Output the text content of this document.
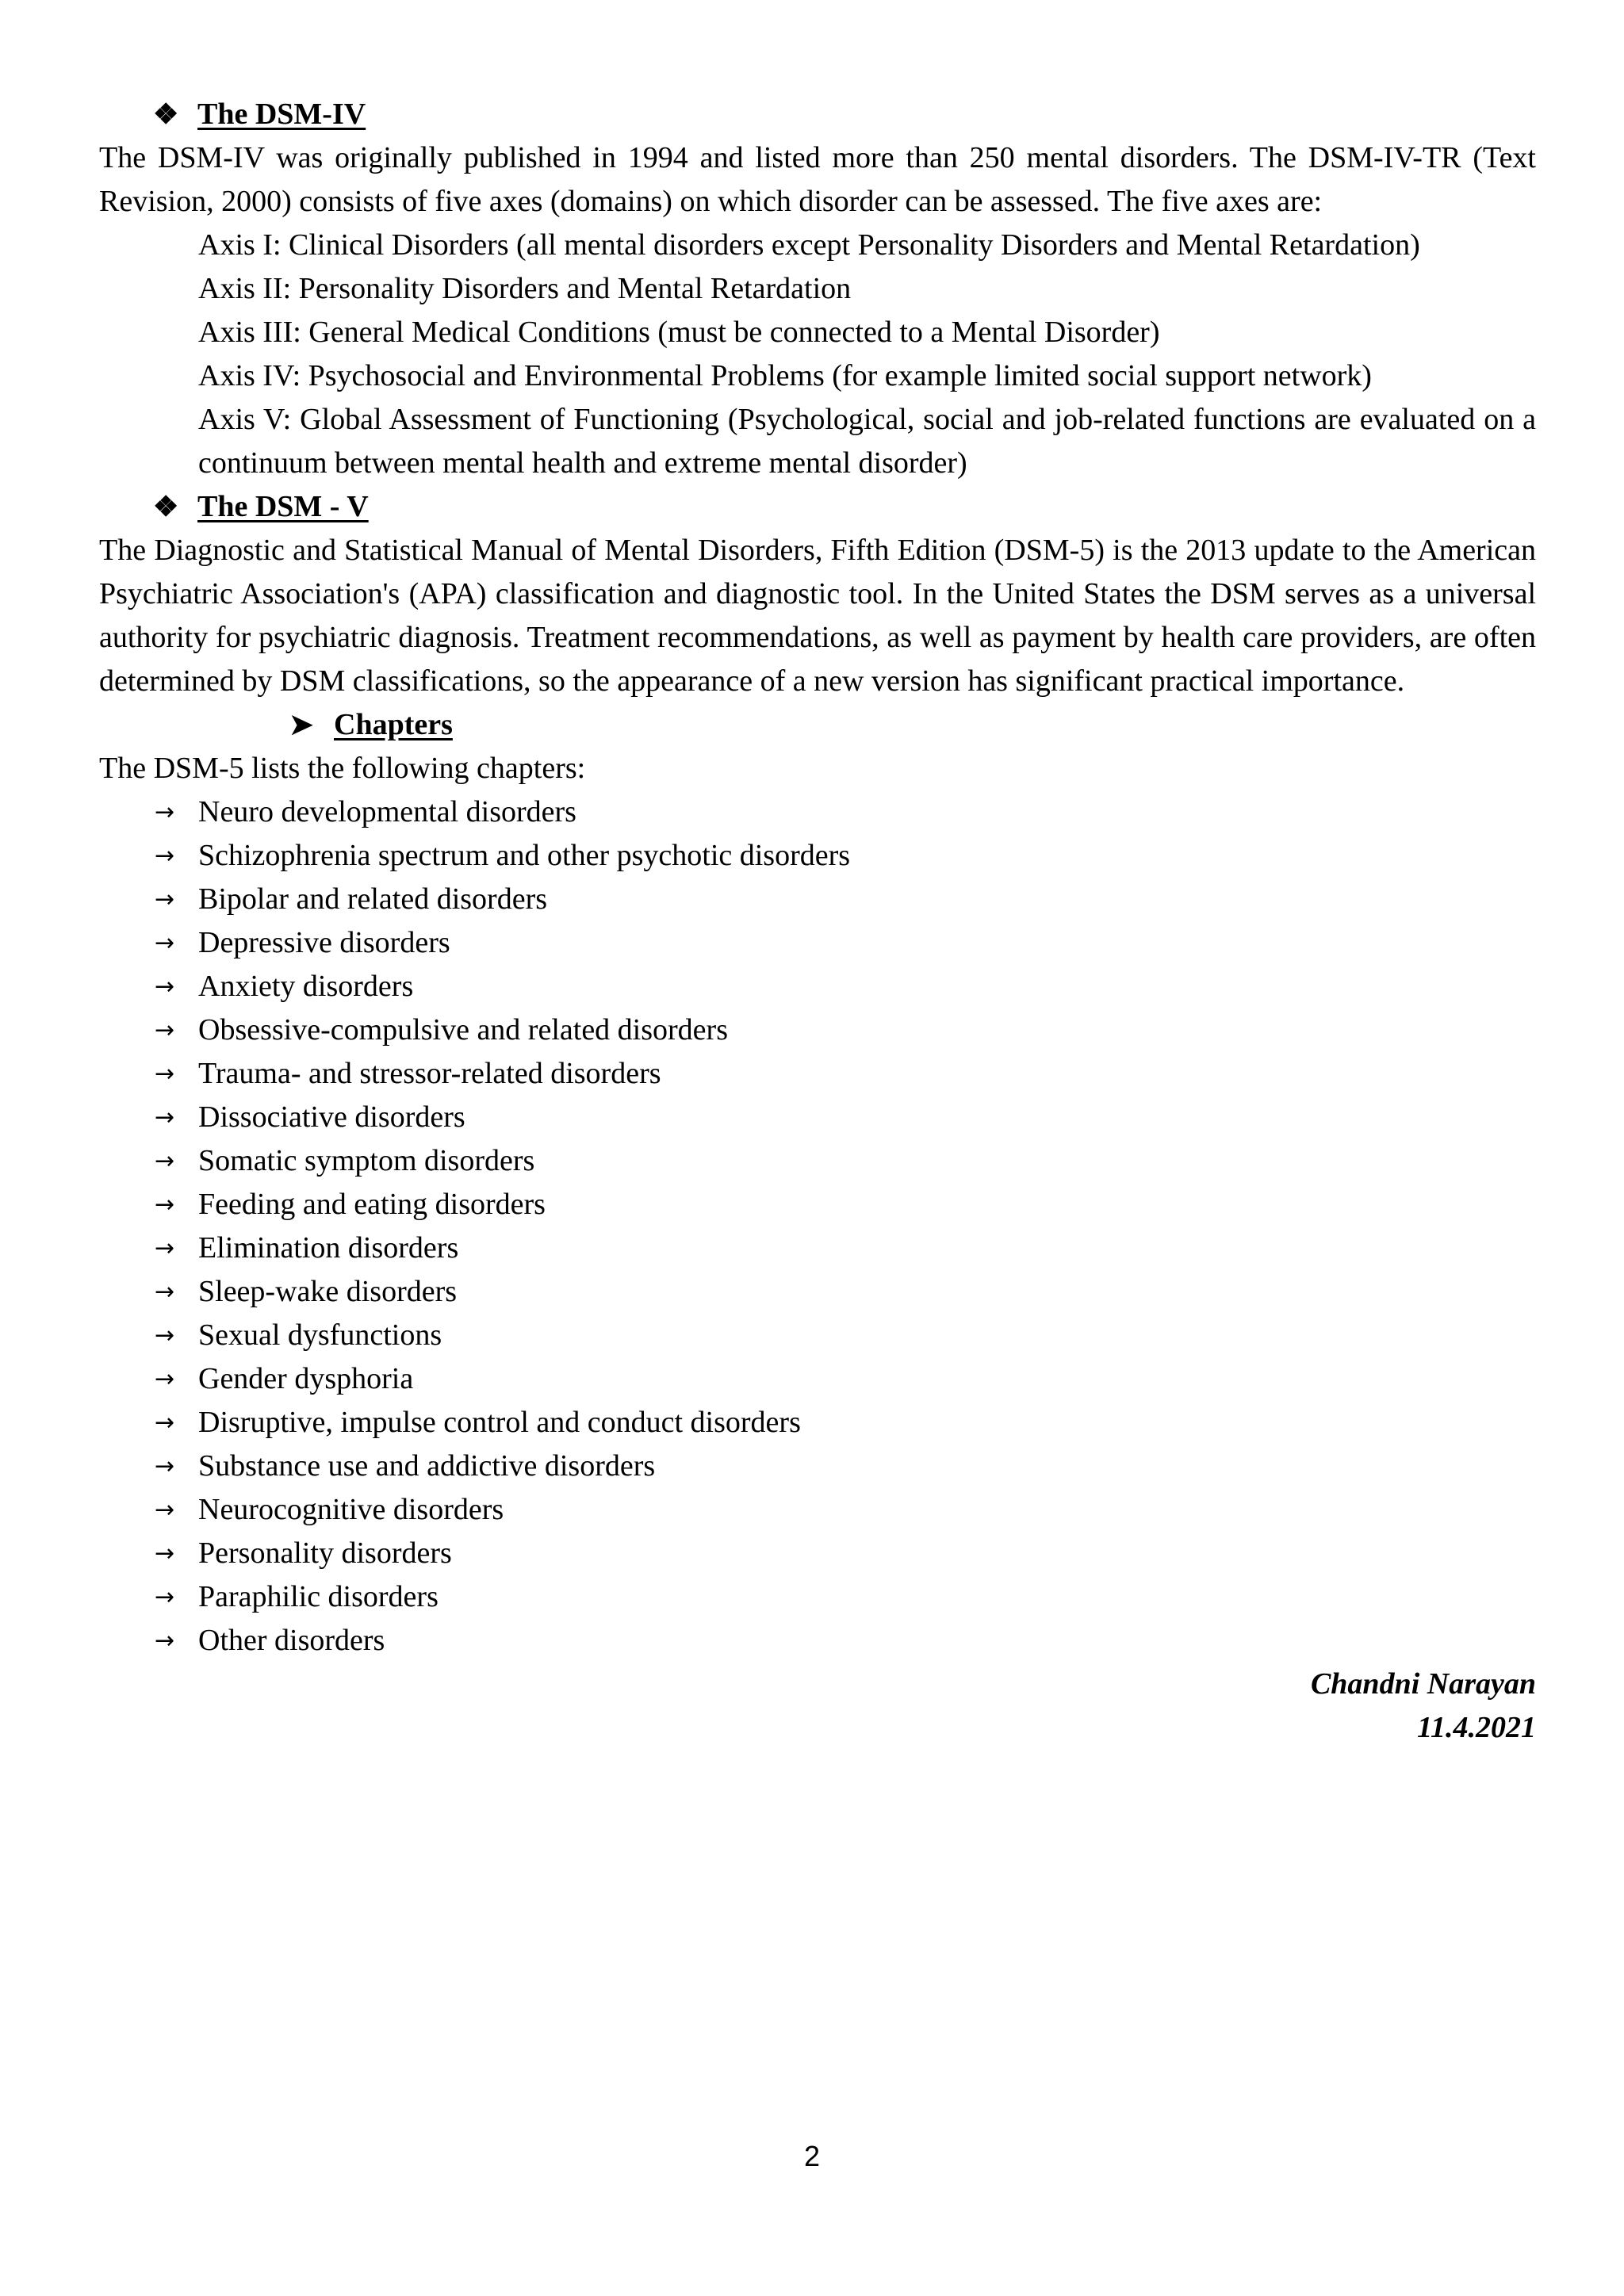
❖ The DSM-IV

The DSM-IV was originally published in 1994 and listed more than 250 mental disorders. The DSM-IV-TR (Text Revision, 2000) consists of five axes (domains) on which disorder can be assessed. The five axes are:

Axis I: Clinical Disorders (all mental disorders except Personality Disorders and Mental Retardation)
Axis II: Personality Disorders and Mental Retardation
Axis III: General Medical Conditions (must be connected to a Mental Disorder)
Axis IV: Psychosocial and Environmental Problems (for example limited social support network)
Axis V: Global Assessment of Functioning (Psychological, social and job-related functions are evaluated on a continuum between mental health and extreme mental disorder)
❖ The DSM - V

The Diagnostic and Statistical Manual of Mental Disorders, Fifth Edition (DSM-5) is the 2013 update to the American Psychiatric Association's (APA) classification and diagnostic tool. In the United States the DSM serves as a universal authority for psychiatric diagnosis. Treatment recommendations, as well as payment by health care providers, are often determined by DSM classifications, so the appearance of a new version has significant practical importance.

➤ Chapters

The DSM-5 lists the following chapters:

→ Neuro developmental disorders
→ Schizophrenia spectrum and other psychotic disorders
→ Bipolar and related disorders
→ Depressive disorders
→ Anxiety disorders
→ Obsessive-compulsive and related disorders
→ Trauma- and stressor-related disorders
→ Dissociative disorders
→ Somatic symptom disorders
→ Feeding and eating disorders
→ Elimination disorders
→ Sleep-wake disorders
→ Sexual dysfunctions
→ Gender dysphoria
→ Disruptive, impulse control and conduct disorders
→ Substance use and addictive disorders
→ Neurocognitive disorders
→ Personality disorders
→ Paraphilic disorders
→ Other disorders
Chandni Narayan
11.4.2021
2
